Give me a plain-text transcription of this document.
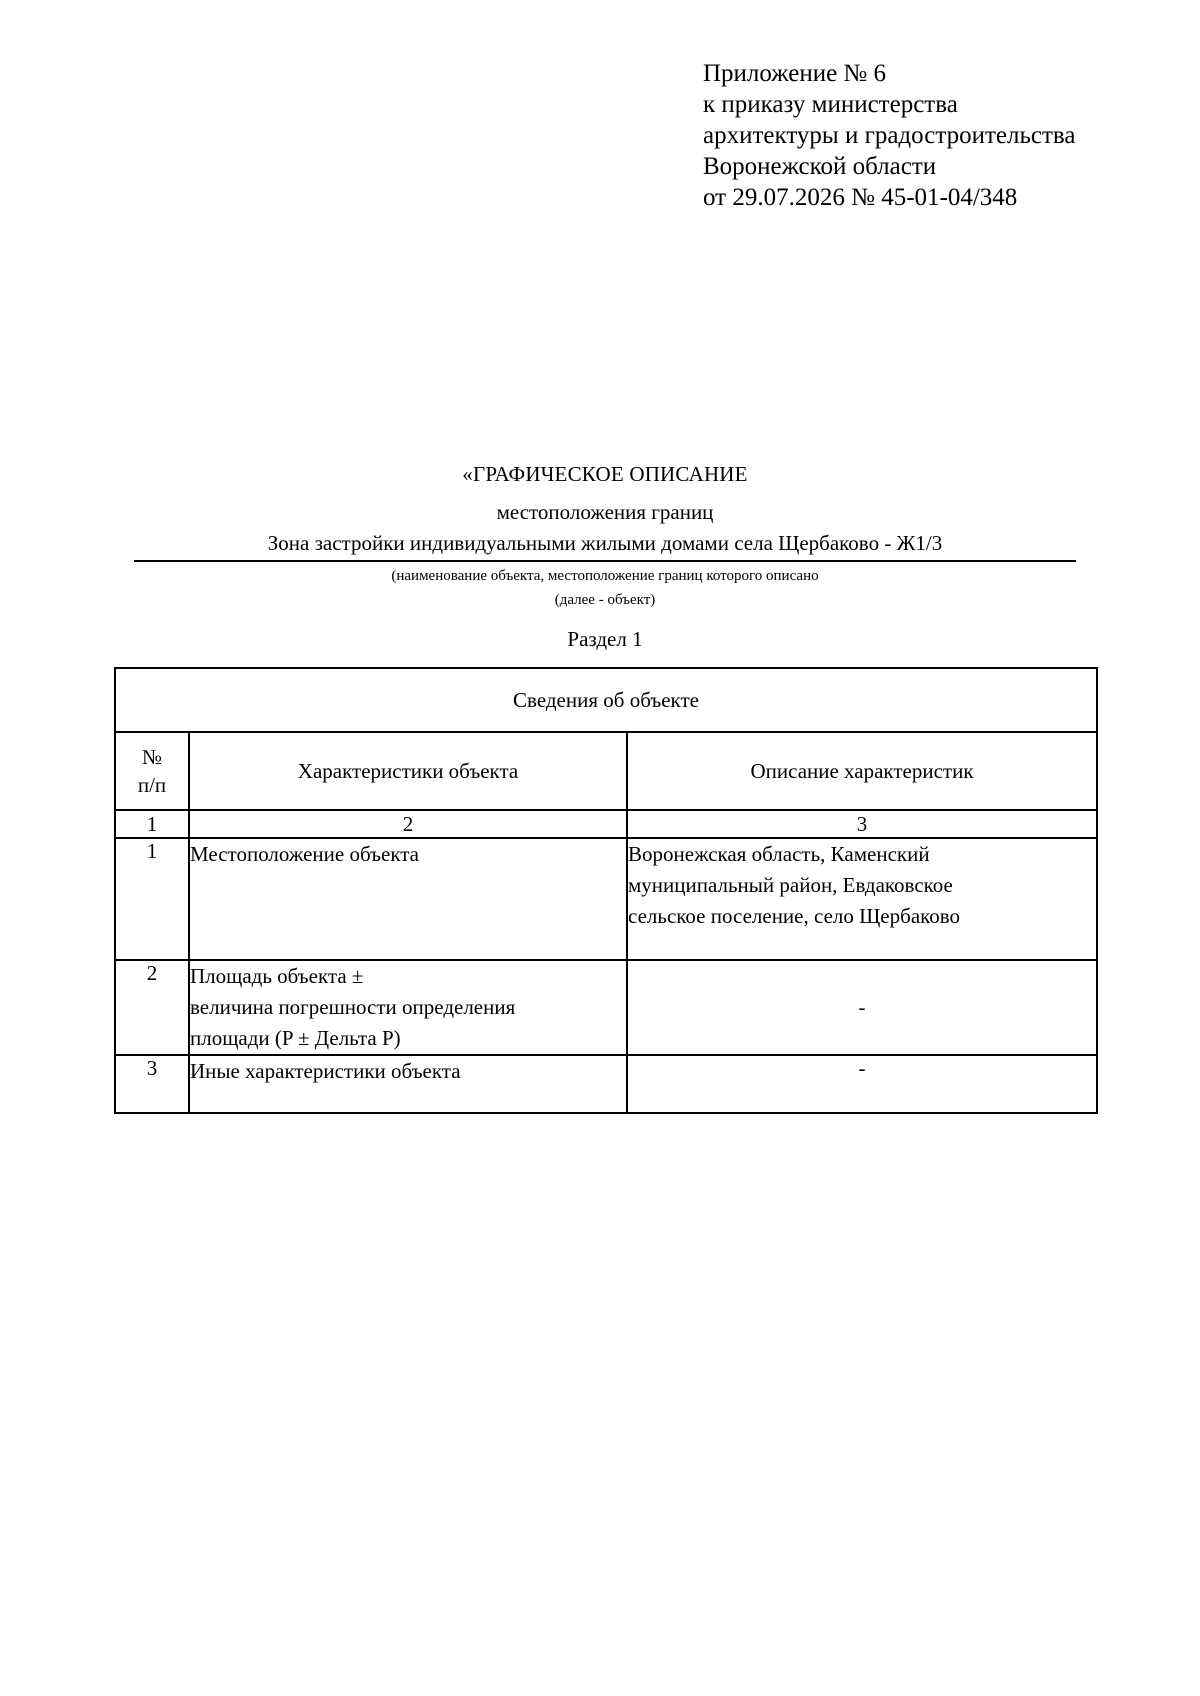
Приложение № 6
к приказу министерства
архитектуры и градостроительства
Воронежской области
от 29.07.2026 № 45-01-04/348
«ГРАФИЧЕСКОЕ ОПИСАНИЕ
местоположения границ
Зона застройки индивидуальными жилыми домами села Щербаково - Ж1/3
(наименование объекта, местоположение границ которого описано
(далее - объект)
Раздел 1
Сведения об объекте		

№
п/п	Характеристики объекта	Описание характеристик
1	2	3
1	Местоположение объекта	Воронежская область, Каменский
муниципальный район, Евдаковское
сельское поселение, село Щербаково

2	Площадь объекта ±
величина погрешности определения
площади (P ± Дельта P)	-
3	Иные характеристики объекта	-
